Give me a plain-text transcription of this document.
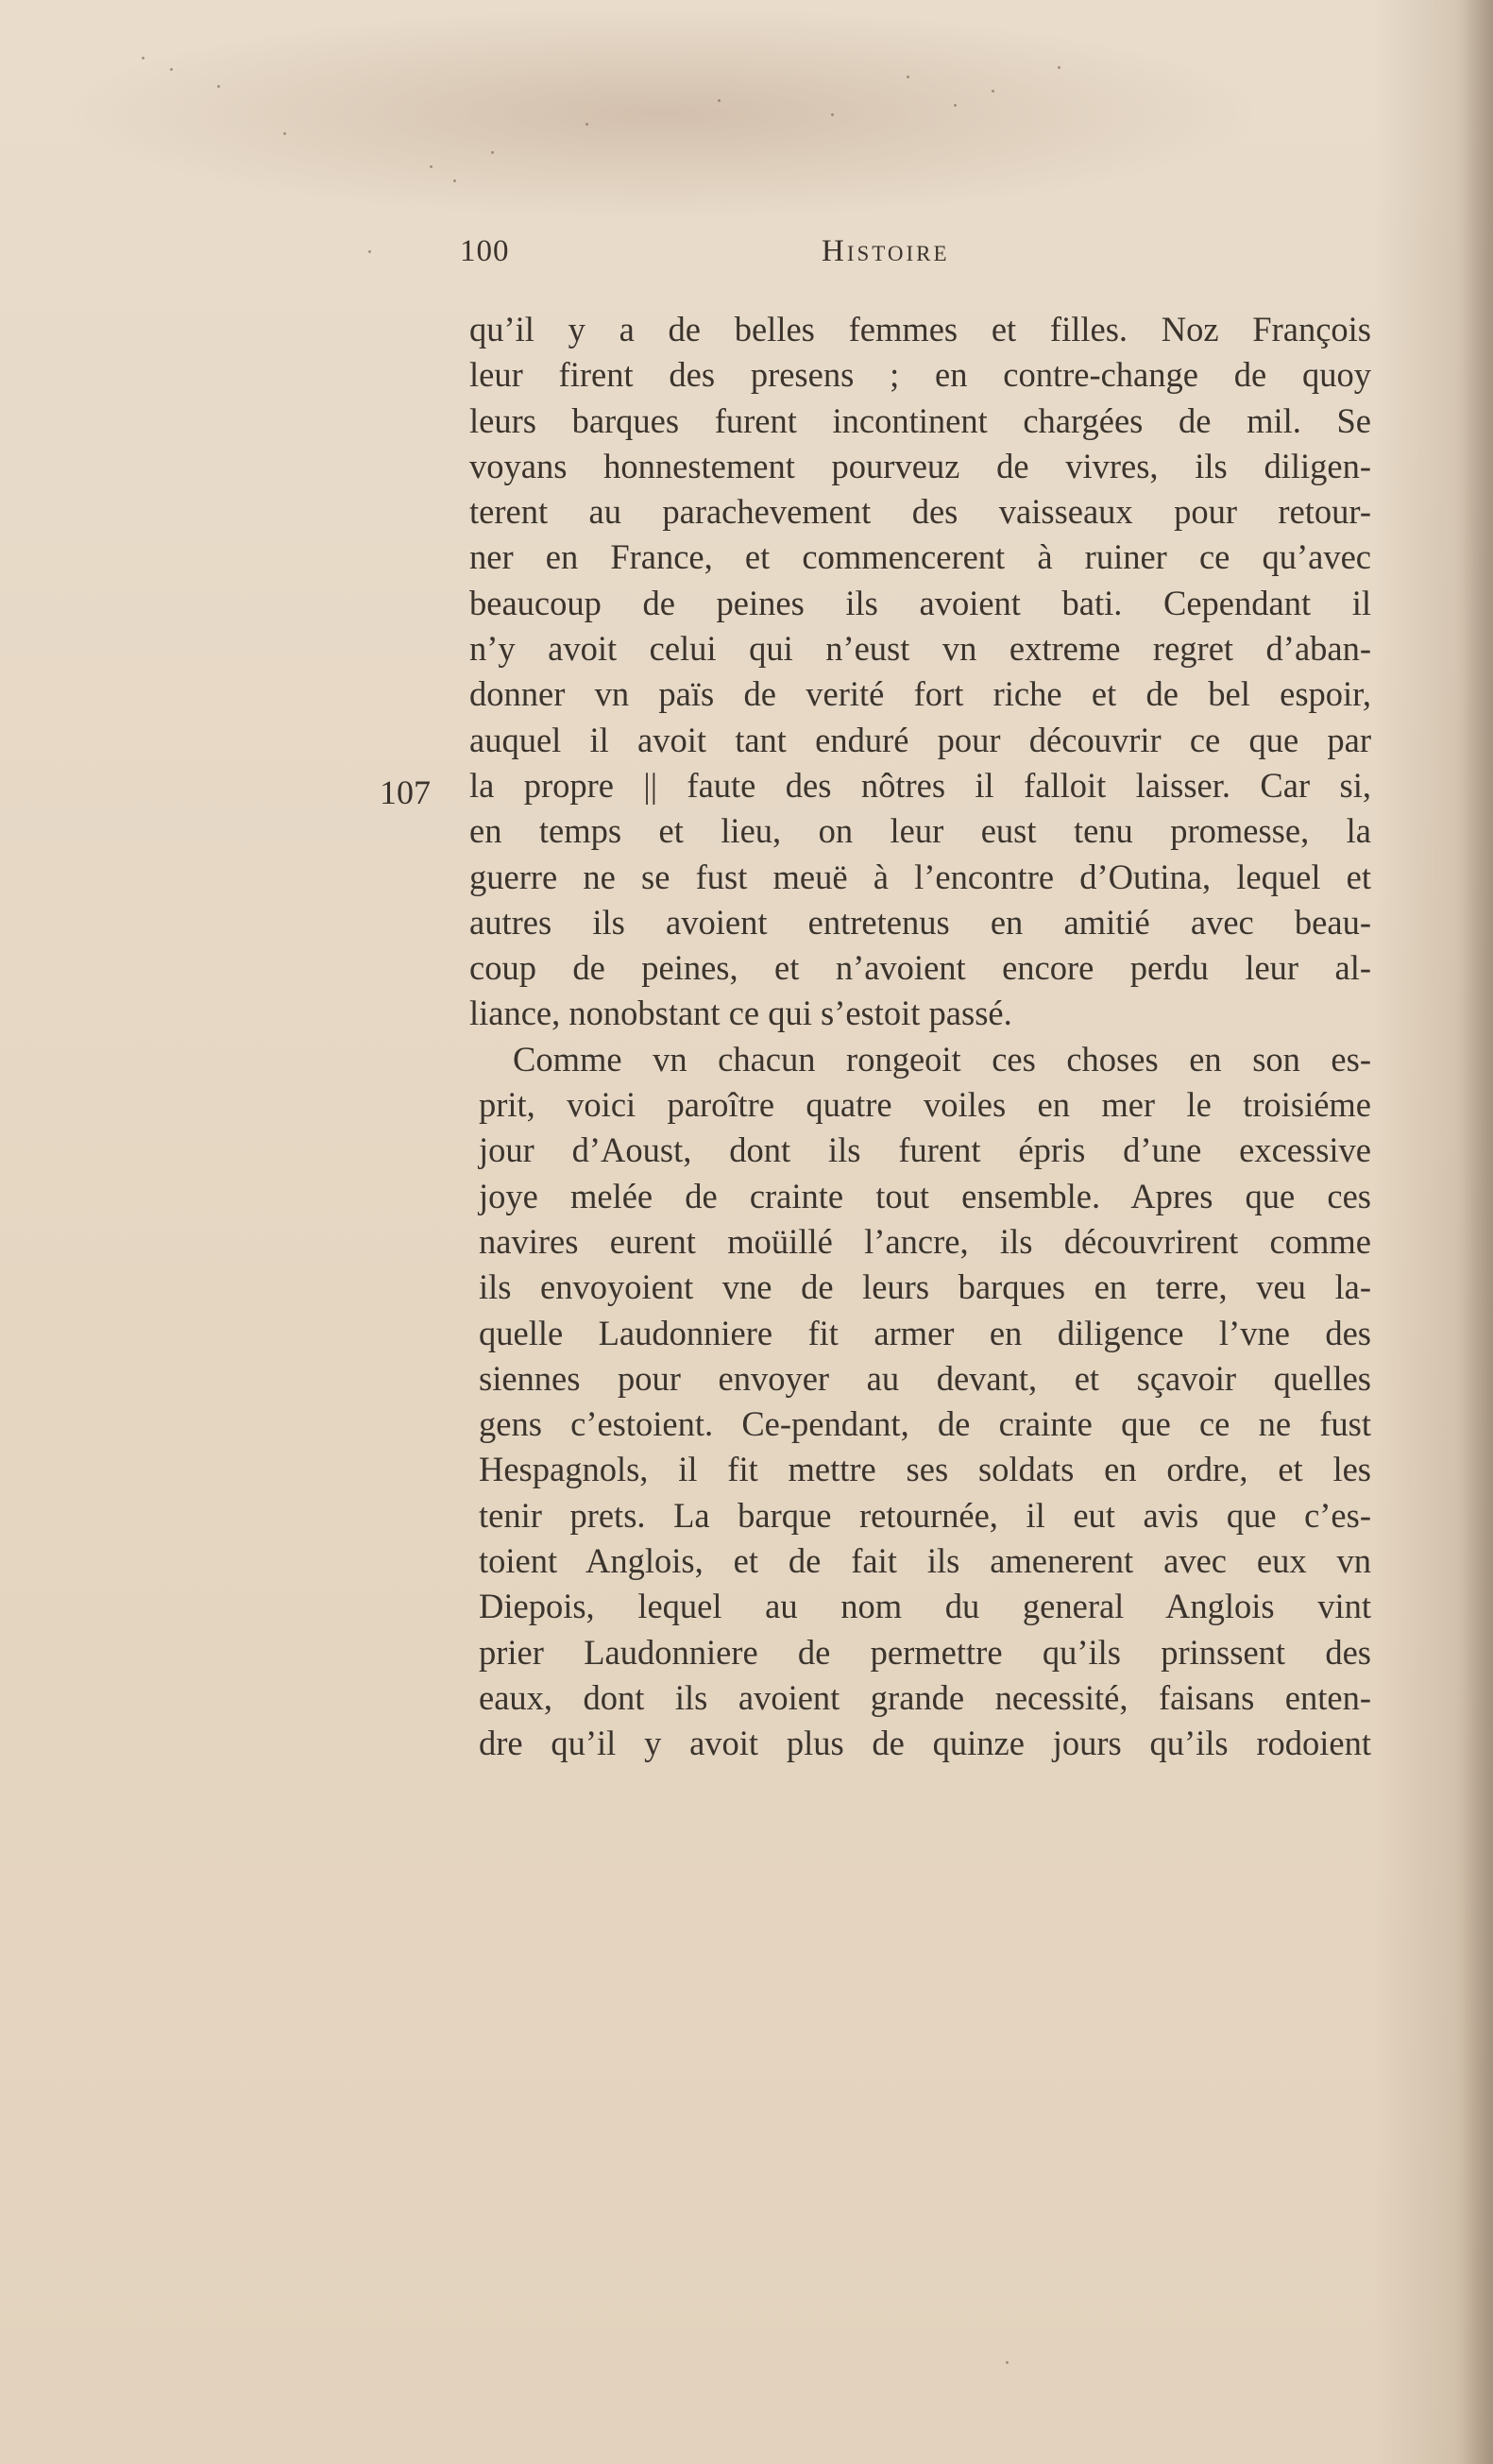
100	Histoire
107
qu’il y a de belles femmes et filles. Noz François
leur firent des presens ; en contre-change de quoy
leurs barques furent incontinent chargées de mil. Se
voyans honnestement pourveuz de vivres, ils diligen-
terent au parachevement des vaisseaux pour retour-
ner en France, et commencerent à ruiner ce qu’avec
beaucoup de peines ils avoient bati. Cependant il
n’y avoit celui qui n’eust vn extreme regret d’aban-
donner vn païs de verité fort riche et de bel espoir,
auquel il avoit tant enduré pour découvrir ce que par
la propre || faute des nôtres il falloit laisser. Car si,
en temps et lieu, on leur eust tenu promesse, la
guerre ne se fust meuë à l’encontre d’Outina, lequel et
autres ils avoient entretenus en amitié avec beau-
coup de peines, et n’avoient encore perdu leur al-
liance, nonobstant ce qui s’estoit passé.
Comme vn chacun rongeoit ces choses en son es-
prit, voici paroître quatre voiles en mer le troisiéme
jour d’Aoust, dont ils furent épris d’une excessive
joye melée de crainte tout ensemble. Apres que ces
navires eurent moüillé l’ancre, ils découvrirent comme
ils envoyoient vne de leurs barques en terre, veu la-
quelle Laudonniere fit armer en diligence l’vne des
siennes pour envoyer au devant, et sçavoir quelles
gens c’estoient. Ce-pendant, de crainte que ce ne fust
Hespagnols, il fit mettre ses soldats en ordre, et les
tenir prets. La barque retournée, il eut avis que c’es-
toient Anglois, et de fait ils amenerent avec eux vn
Diepois, lequel au nom du general Anglois vint
prier Laudonniere de permettre qu’ils prinssent des
eaux, dont ils avoient grande necessité, faisans enten-
dre qu’il y avoit plus de quinze jours qu’ils rodoient
